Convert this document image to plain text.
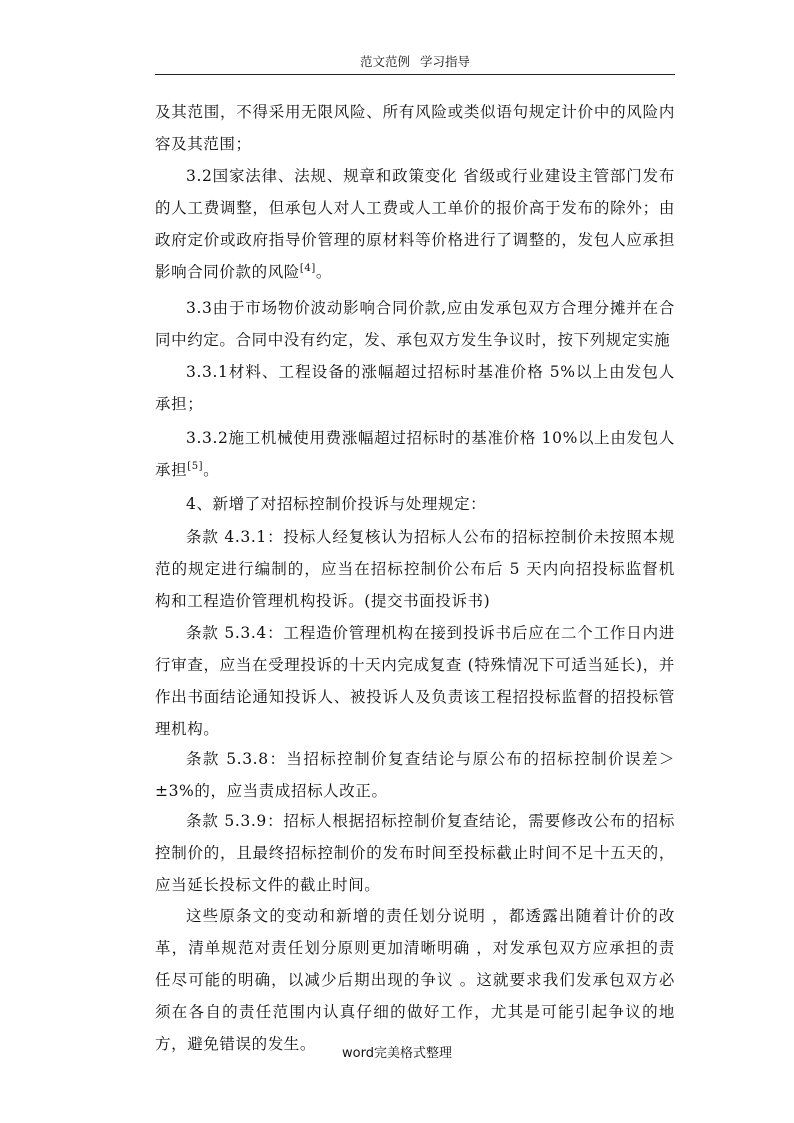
范文范例 学习指导

及其范围，不得采用无限风险、所有风险或类似语句规定计价中的风险内容及其范围；

3.2国家法律、法规、规章和政策变化 省级或行业建设主管部门发布的人工费调整，但承包人对人工费或人工单价的报价高于发布的除外；由政府定价或政府指导价管理的原材料等价格进行了调整的，发包人应承担影响合同价款的风险[4]。

3.3由于市场物价波动影响合同价款,应由发承包双方合理分摊并在合同中约定。合同中没有约定，发、承包双方发生争议时，按下列规定实施

3.3.1材料、工程设备的涨幅超过招标时基准价格 5%以上由发包人承担；

3.3.2施工机械使用费涨幅超过招标时的基准价格 10%以上由发包人承担[5]。

4、新增了对招标控制价投诉与处理规定：

条款 4.3.1：投标人经复核认为招标人公布的招标控制价未按照本规范的规定进行编制的，应当在招标控制价公布后 5 天内向招投标监督机构和工程造价管理机构投诉。(提交书面投诉书)

条款 5.3.4：工程造价管理机构在接到投诉书后应在二个工作日内进行审查，应当在受理投诉的十天内完成复查 (特殊情况下可适当延长)，并作出书面结论通知投诉人、被投诉人及负责该工程招投标监督的招投标管理机构。

条款 5.3.8：当招标控制价复查结论与原公布的招标控制价误差＞±3%的，应当责成招标人改正。

条款 5.3.9：招标人根据招标控制价复查结论，需要修改公布的招标控制价的，且最终招标控制价的发布时间至投标截止时间不足十五天的，应当延长投标文件的截止时间。

这些原条文的变动和新增的责任划分说明 ，都透露出随着计价的改革，清单规范对责任划分原则更加清晰明确 ，对发承包双方应承担的责任尽可能的明确，以减少后期出现的争议 。这就要求我们发承包双方必须在各自的责任范围内认真仔细的做好工作，尤其是可能引起争议的地方，避免错误的发生。

word完美格式整理
